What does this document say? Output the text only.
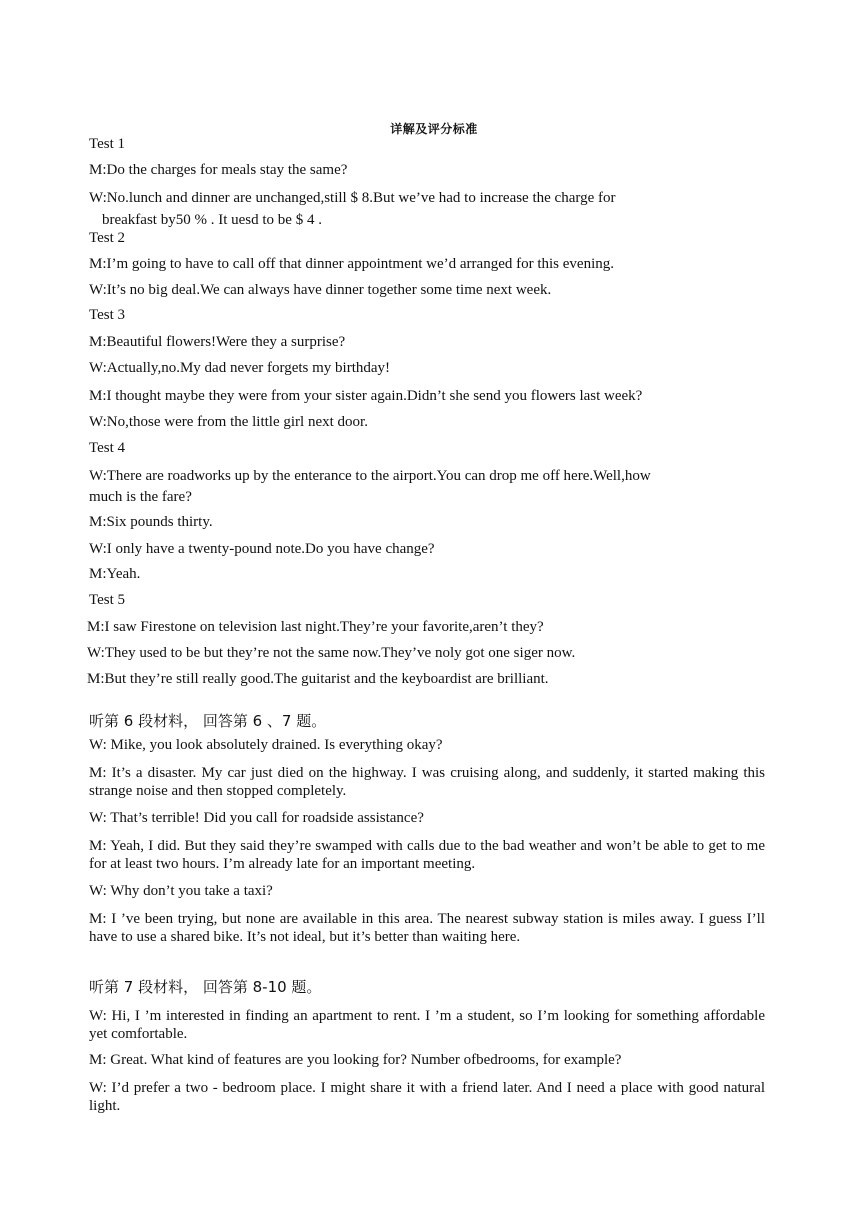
详解及评分标准
Test 1
M:Do the charges for meals stay the same?
W:No.lunch and dinner are unchanged,still $ 8.But we’ve had to increase the charge for
breakfast by50 % . It uesd to be $ 4 .
Test 2
M:I’m going to have to call off that dinner appointment we’d arranged for this evening.
W:It’s no big deal.We can always have dinner together some time next week.
Test 3
M:Beautiful flowers!Were they a surprise?
W:Actually,no.My dad never forgets my birthday!
M:I thought maybe they were from your sister again.Didn’t she send you flowers last week?
W:No,those were from the little girl next door.
Test 4
W:There are roadworks up by the enterance to the airport.You can drop me off here.Well,how
much is the fare?
M:Six pounds thirty.
W:I only have a twenty-pound note.Do you have change?
M:Yeah.
Test 5
M:I saw Firestone on television last night.They’re your favorite,aren’t they?
W:They used to be but they’re not the same now.They’ve noly got one siger now.
M:But they’re still really good.The guitarist and the keyboardist are brilliant.
听第 6 段材料， 回答第 6 、7 题。
W: Mike, you look absolutely drained. Is everything okay?
M: It’s a disaster. My car just died on the highway. I was cruising along, and suddenly, it started making this strange noise and then stopped completely.
W: That’s terrible! Did you call for roadside assistance?
M: Yeah, I did. But they said they’re swamped with calls due to the bad weather and won’t be able to get to me for at least two hours. I’m already late for an important meeting.
W: Why don’t you take a taxi?
M: I ’ve been trying, but none are available in this area. The nearest subway station is miles away. I guess I’ll have to use a shared bike. It’s not ideal, but it’s better than waiting here.
听第 7 段材料， 回答第 8-10 题。
W: Hi, I ’m interested in finding an apartment to rent. I ’m a student, so I’m looking for something affordable yet comfortable.
M: Great. What kind of features are you looking for? Number ofbedrooms, for example?
W: I’d prefer a two - bedroom place. I might share it with a friend later. And I need a place with good natural light.
